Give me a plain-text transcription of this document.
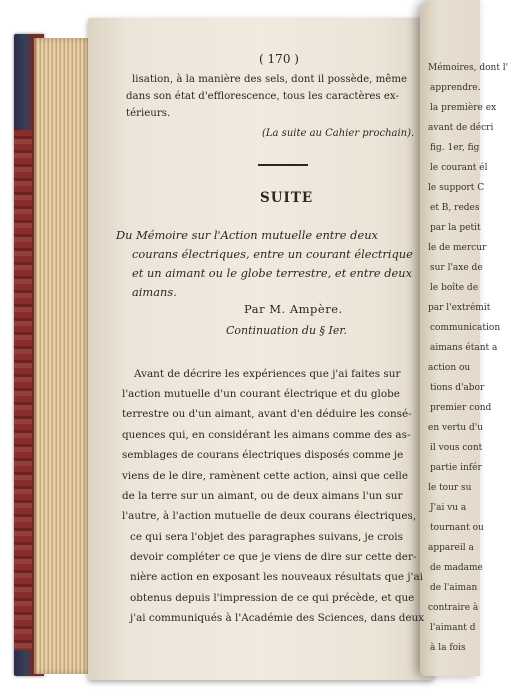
Mémoires, dont l'
apprendre.
la première ex
avant de décri
fig. 1er, fig
le courant él
le support C
et B, redes
par la petit
le de mercur
sur l'axe de
le boîte de
par l'extrémit
communication
aimans étant a
action ou
tions d'abor
premier cond
en vertu d'u
il vous cont
partie infér
le tour su
J'ai vu a
tournant ou
appareil a
de madame
de l'aiman
contraire à
l'aimant d
à la fois
( 170 )
lisation, à la manière des sels, dont il possède, même
dans son état d'efflorescence, tous les caractères ex-
térieurs.
(La suite au Cahier prochain).
SUITE
Du Mémoire sur l'Action mutuelle entre deux
courans électriques, entre un courant électrique
et un aimant ou le globe terrestre, et entre deux
aimans.
Par M. Ampère.
Continuation du § Ier.
Avant de décrire les expériences que j'ai faites sur
l'action mutuelle d'un courant électrique et du globe
terrestre ou d'un aimant, avant d'en déduire les consé-
quences qui, en considérant les aimans comme des as-
semblages de courans électriques disposés comme je
viens de le dire, ramènent cette action, ainsi que celle
de la terre sur un aimant, ou de deux aimans l'un sur
l'autre, à l'action mutuelle de deux courans électriques,
ce qui sera l'objet des paragraphes suivans, je crois
devoir compléter ce que je viens de dire sur cette der-
nière action en exposant les nouveaux résultats que j'ai
obtenus depuis l'impression de ce qui précède, et que
j'ai communiqués à l'Académie des Sciences, dans deux
